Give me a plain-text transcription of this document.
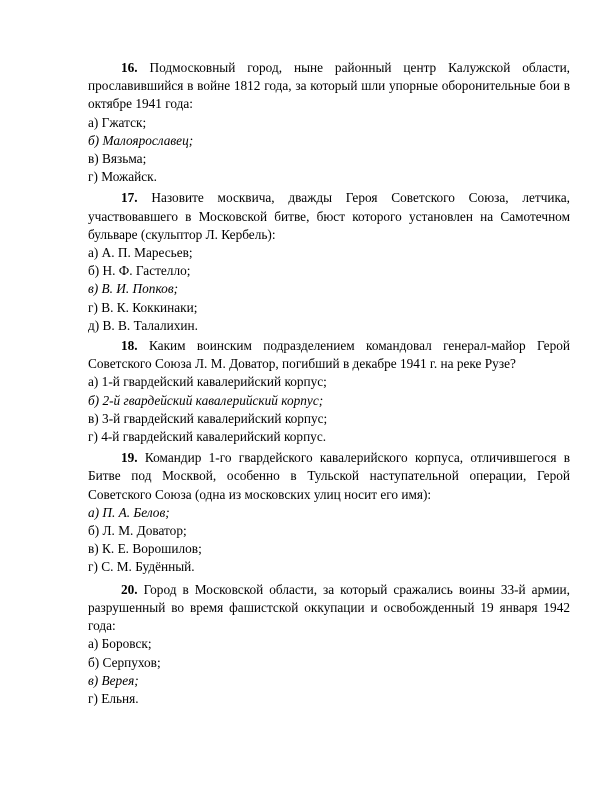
16. Подмосковный город, ныне районный центр Калужской области, прославившийся в войне 1812 года, за который шли упорные оборонительные бои в октябре 1941 года:

а) Гжатск;
б) Малоярославец;
в) Вязьма;
г) Можайск.

17. Назовите москвича, дважды Героя Советского Союза, летчика, участвовавшего в Московской битве, бюст которого установлен на Самотечном бульваре (скульптор Л. Кербель):

а) А. П. Маресьев;
б) Н. Ф. Гастелло;
в) В. И. Попков;
г) В. К. Коккинаки;
д) В. В. Талалихин.

18. Каким воинским подразделением командовал генерал-майор Герой Советского Союза Л. М. Доватор, погибший в декабре 1941 г. на реке Рузе?

а) 1-й гвардейский кавалерийский корпус;
б) 2-й гвардейский кавалерийский корпус;
в) 3-й гвардейский кавалерийский корпус;
г) 4-й гвардейский кавалерийский корпус.

19. Командир 1-го гвардейского кавалерийского корпуса, отличившегося в Битве под Москвой, особенно в Тульской наступательной операции, Герой Советского Союза (одна из московских улиц носит его имя):

а) П. А. Белов;
б) Л. М. Доватор;
в) К. Е. Ворошилов;
г) С. М. Будённый.

20. Город в Московской области, за который сражались воины 33-й армии, разрушенный во время фашистской оккупации и освобожденный 19 января 1942 года:

а) Боровск;
б) Серпухов;
в) Верея;
г) Ельня.
